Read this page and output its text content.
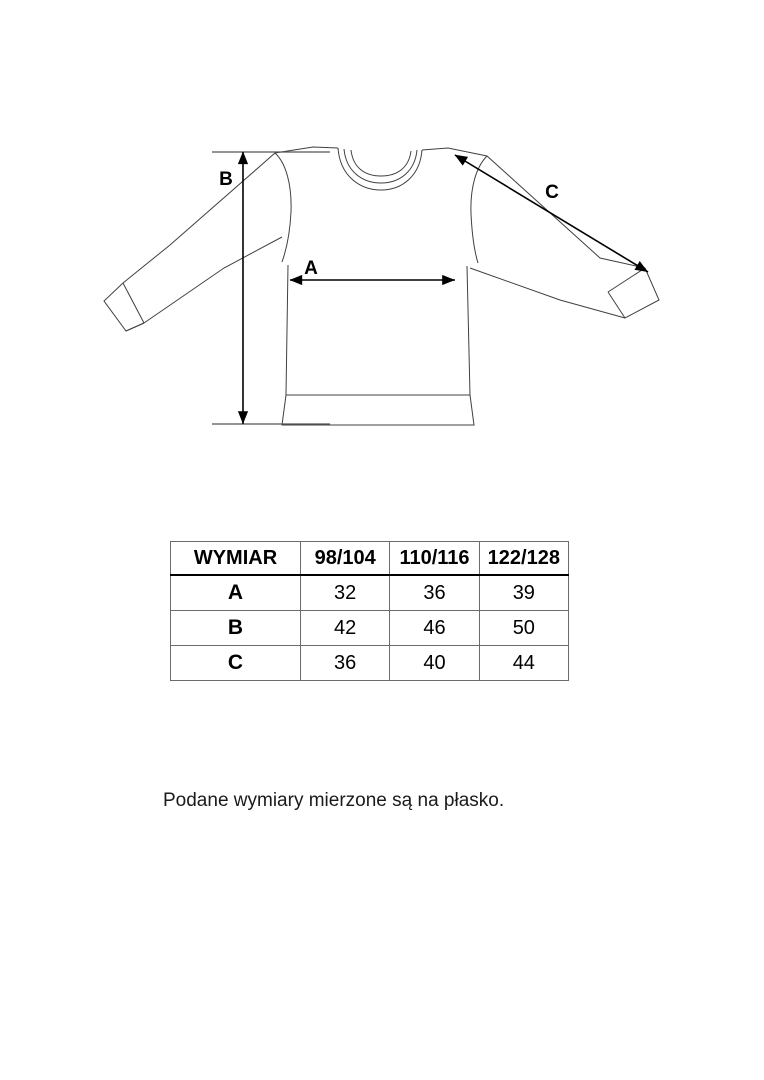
A
B
C
WYMIAR	98/104	110/116	122/128
A	32	36	39
B	42	46	50
C	36	40	44
Podane wymiary mierzone są na płasko.
